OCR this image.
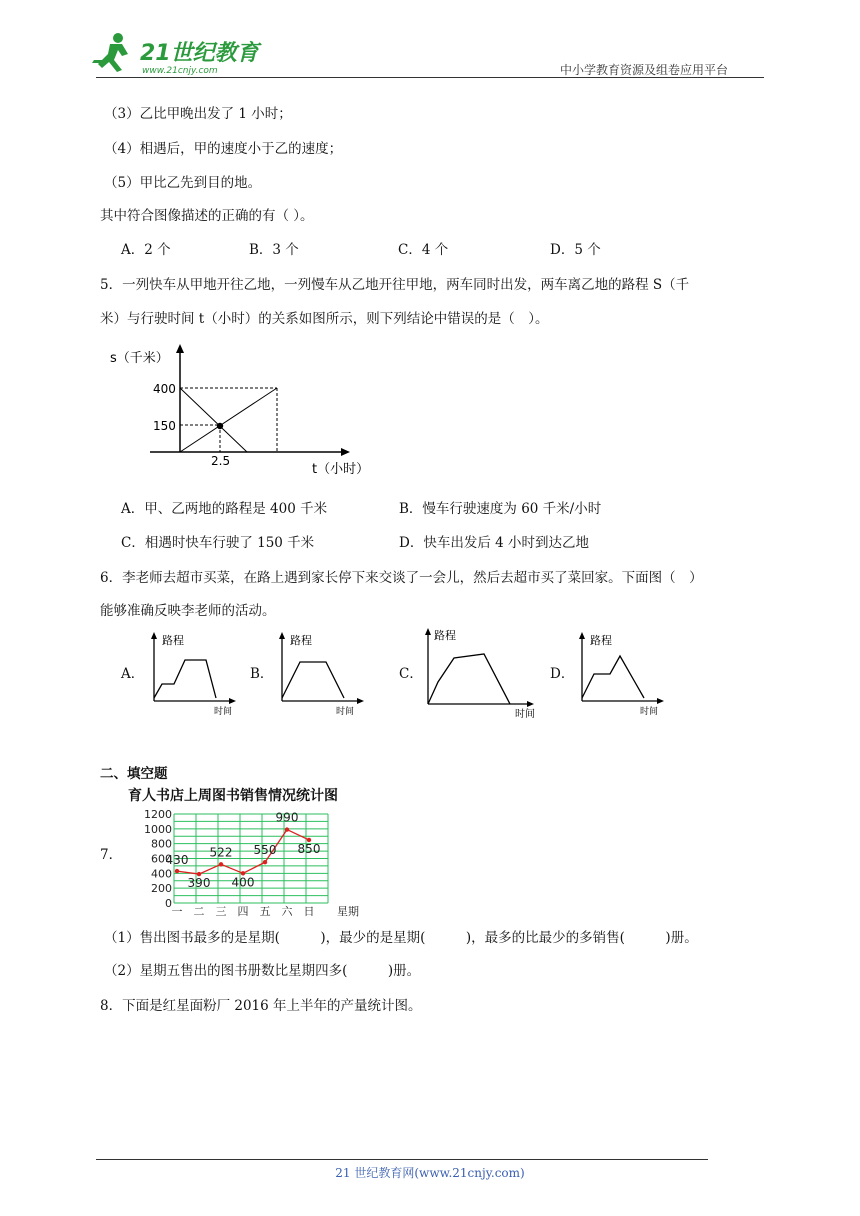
21世纪教育
www.21cnjy.com	中小学教育资源及组卷应用平台
（3）乙比甲晚出发了 1 小时；
（4）相遇后，甲的速度小于乙的速度；
（5）甲比乙先到目的地。
其中符合图像描述的正确的有（ ）。
A．2 个	B．3 个	C．4 个	D．5 个
5．一列快车从甲地开往乙地，一列慢车从乙地开往甲地，两车同时出发，两车离乙地的路程 S（千
米）与行驶时间 t（小时）的关系如图所示，则下列结论中错误的是（　）。
s（千米）
400
150
2.5
t（小时）
A．甲、乙两地的路程是 400 千米	B．慢车行驶速度为 60 千米/小时
C．相遇时快车行驶了 150 千米	D．快车出发后 4 小时到达乙地
6．李老师去超市买菜，在路上遇到家长停下来交谈了一会儿，然后去超市买了菜回家。下面图（　）
能够准确反映李老师的活动。
A．
路程
时间
B．
路程
时间
C．
路程
时间
D．
路程
时间
二、填空题
育人书店上周图书销售情况统计图
7．
0
200
400
600
800
1000
1200
一 二 三 四 五 六 日 星期
430
390
522
400
550
990
850
（1）售出图书最多的是星期(　　　)，最少的是星期(　　　)，最多的比最少的多销售(　　　)册。
（2）星期五售出的图书册数比星期四多(　　　)册。
8．下面是红星面粉厂 2016 年上半年的产量统计图。
21 世纪教育网(www.21cnjy.com)
